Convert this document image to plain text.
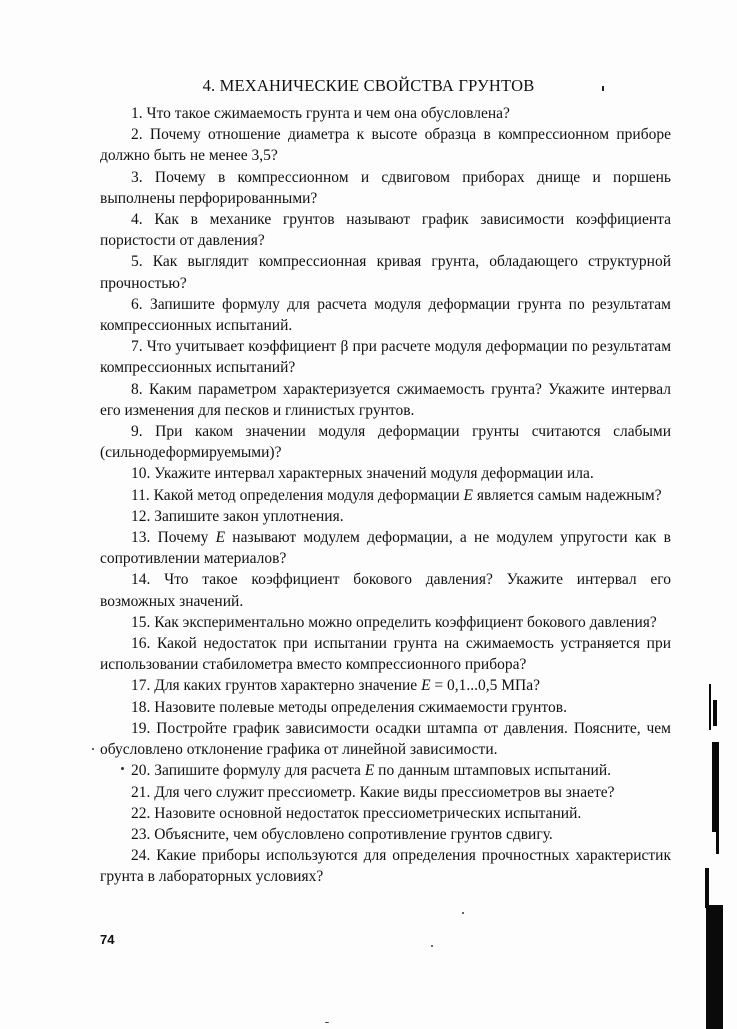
4. МЕХАНИЧЕСКИЕ СВОЙСТВА ГРУНТОВ

1. Что такое сжимаемость грунта и чем она обусловлена?

2. Почему отношение диаметра к высоте образца в компрессионном приборе должно быть не менее 3,5?

3. Почему в компрессионном и сдвиговом приборах днище и поршень выполнены перфорированными?

4. Как в механике грунтов называют график зависимости коэффициента пористости от давления?

5. Как выглядит компрессионная кривая грунта, обладающего структурной прочностью?

6. Запишите формулу для расчета модуля деформации грунта по результатам компрессионных испытаний.

7. Что учитывает коэффициент β при расчете модуля деформации по результатам компрессионных испытаний?

8. Каким параметром характеризуется сжимаемость грунта? Укажите интервал его изменения для песков и глинистых грунтов.

9. При каком значении модуля деформации грунты считаются слабыми (сильнодеформируемыми)?

10. Укажите интервал характерных значений модуля деформации ила.

11. Какой метод определения модуля деформации E является самым надежным?

12. Запишите закон уплотнения.

13. Почему E называют модулем деформации, а не модулем упругости как в сопротивлении материалов?

14. Что такое коэффициент бокового давления? Укажите интервал его возможных значений.

15. Как экспериментально можно определить коэффициент бокового давления?

16. Какой недостаток при испытании грунта на сжимаемость устраняется при использовании стабилометра вместо компрессионного прибора?

17. Для каких грунтов характерно значение E = 0,1...0,5 МПа?

18. Назовите полевые методы определения сжимаемости грунтов.

19. Постройте график зависимости осадки штампа от давления. Поясните, чем обусловлено отклонение графика от линейной зависимости.

20. Запишите формулу для расчета E по данным штамповых испытаний.

21. Для чего служит прессиометр. Какие виды прессиометров вы знаете?

22. Назовите основной недостаток прессиометрических испытаний.

23. Объясните, чем обусловлено сопротивление грунтов сдвигу.

24. Какие приборы используются для определения прочностных характеристик грунта в лабораторных условиях?

74
